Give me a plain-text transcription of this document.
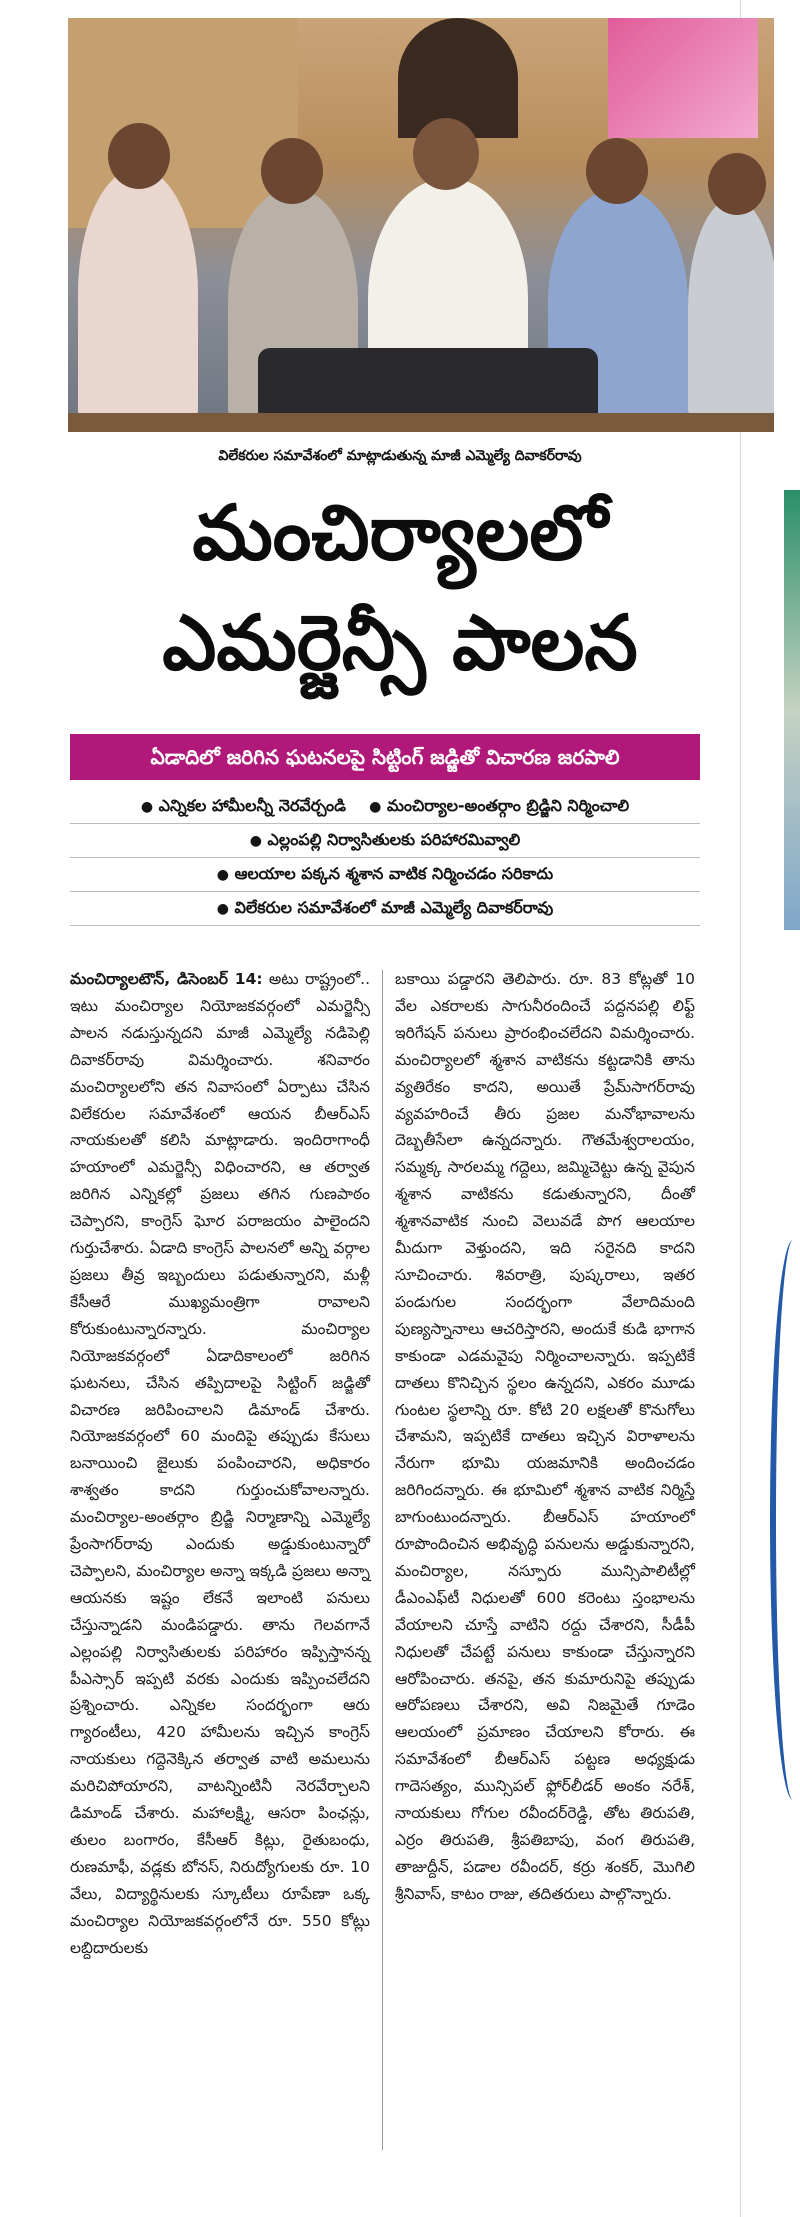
విలేకరుల సమావేశంలో మాట్లాడుతున్న మాజీ ఎమ్మెల్యే దివాకర్‌రావు
మంచిర్యాలలో
ఎమర్జెన్సీ పాలన
ఏడాదిలో జరిగిన ఘటనలపై సిట్టింగ్ జడ్జితో విచారణ జరపాలి
● ఎన్నికల హామీలన్నీ నెరవేర్చండి ● మంచిర్యాల-అంతర్గాం బ్రిడ్జిని నిర్మించాలి
● ఎల్లంపల్లి నిర్వాసితులకు పరిహారమివ్వాలి
● ఆలయాల పక్కన శ్మశాన వాటిక నిర్మించడం సరికాదు
● విలేకరుల సమావేశంలో మాజీ ఎమ్మెల్యే దివాకర్‌రావు
మంచిర్యాలటౌన్, డిసెంబర్ 14: అటు రాష్ట్రంలో.. ఇటు మంచిర్యాల నియోజకవర్గంలో ఎమర్జెన్సీ పాలన నడుస్తున్నదని మాజీ ఎమ్మెల్యే నడిపెల్లి దివాకర్‌రావు విమర్శించారు. శనివారం మంచిర్యాలలోని తన నివాసంలో ఏర్పాటు చేసిన విలేకరుల సమావేశంలో ఆయన బీఆర్ఎస్ నాయకులతో కలిసి మాట్లాడారు. ఇందిరాగాంధీ హయాంలో ఎమర్జెన్సీ విధించారని, ఆ తర్వాత జరిగిన ఎన్నికల్లో ప్రజలు తగిన గుణపాఠం చెప్పారని, కాంగ్రెస్ ఘోర పరాజయం పాలైందని గుర్తుచేశారు. ఏడాది కాంగ్రెస్ పాలనలో అన్ని వర్గాల ప్రజలు తీవ్ర ఇబ్బందులు పడుతున్నారని, మళ్లీ కేసీఆరే ముఖ్యమంత్రిగా రావాలని కోరుకుంటున్నారన్నారు. మంచిర్యాల నియోజకవర్గంలో ఏడాదికాలంలో జరిగిన ఘటనలు, చేసిన తప్పిదాలపై సిట్టింగ్ జడ్జితో విచారణ జరిపించాలని డిమాండ్ చేశారు. నియోజకవర్గంలో 60 మందిపై తప్పుడు కేసులు బనాయించి జైలుకు పంపించారని, అధికారం శాశ్వతం కాదని గుర్తుంచుకోవాలన్నారు. మంచిర్యాల-అంతర్గాం బ్రిడ్జి నిర్మాణాన్ని ఎమ్మెల్యే ప్రేంసాగర్‌రావు ఎందుకు అడ్డుకుంటున్నారో చెప్పాలని, మంచిర్యాల అన్నా ఇక్కడి ప్రజలు అన్నా ఆయనకు ఇష్టం లేకనే ఇలాంటి పనులు చేస్తున్నాడని మండిపడ్డారు. తాను గెలవగానే ఎల్లంపల్లి నిర్వాసితులకు పరిహారం ఇప్పిస్తానన్న పీఎస్సార్ ఇప్పటి వరకు ఎందుకు ఇప్పించలేదని ప్రశ్నించారు. ఎన్నికల సందర్భంగా ఆరు గ్యారంటీలు, 420 హామీలను ఇచ్చిన కాంగ్రెస్ నాయకులు గద్దెనెక్కిన తర్వాత వాటి అమలును మరిచిపోయారని, వాటన్నింటినీ నెరవేర్చాలని డిమాండ్ చేశారు. మహాలక్ష్మి, ఆసరా పింఛన్లు, తులం బంగారం, కేసీఆర్ కిట్లు, రైతుబంధు, రుణమాఫీ, వడ్లకు బోనస్, నిరుద్యోగులకు రూ. 10 వేలు, విద్యార్థినులకు స్కూటీలు రూపేణా ఒక్క మంచిర్యాల నియోజకవర్గంలోనే రూ. 550 కోట్లు లబ్దిదారులకు
బకాయి పడ్డారని తెలిపారు. రూ. 83 కోట్లతో 10 వేల ఎకరాలకు సాగునీరందించే పద్దనపల్లి లిఫ్ట్ ఇరిగేషన్ పనులు ప్రారంభించలేదని విమర్శించారు. మంచిర్యాలలో శ్మశాన వాటికను కట్టడానికి తాను వ్యతిరేకం కాదని, అయితే ప్రేమ్‌సాగర్‌రావు వ్యవహరించే తీరు ప్రజల మనోభావాలను దెబ్బతీసేలా ఉన్నదన్నారు. గౌతమేశ్వరాలయం, సమ్మక్క సారలమ్మ గద్దెలు, జమ్మిచెట్టు ఉన్న వైపున శ్మశాన వాటికను కడుతున్నారని, దీంతో శ్మశానవాటిక నుంచి వెలువడే పొగ ఆలయాల మీదుగా వెళ్తుందని, ఇది సరైనది కాదని సూచించారు. శివరాత్రి, పుష్కరాలు, ఇతర పండుగుల సందర్భంగా వేలాదిమంది పుణ్యస్నానాలు ఆచరిస్తారని, అందుకే కుడి భాగాన కాకుండా ఎడమవైపు నిర్మించాలన్నారు. ఇప్పటికే దాతలు కొనిచ్చిన స్థలం ఉన్నదని, ఎకరం మూడు గుంటల స్థలాన్ని రూ. కోటి 20 లక్షలతో కొనుగోలు చేశామని, ఇప్పటికే దాతలు ఇచ్చిన విరాళాలను నేరుగా భూమి యజమానికి అందించడం జరిగిందన్నారు. ఈ భూమిలో శ్మశాన వాటిక నిర్మిస్తే బాగుంటుందన్నారు. బీఆర్ఎస్ హయాంలో రూపొందించిన అభివృద్ధి పనులను అడ్డుకున్నారని, మంచిర్యాల, నస్పూరు మున్సిపాలిటీల్లో డీఎంఎఫ్‌టీ నిధులతో 600 కరెంటు స్తంభాలను వేయాలని చూస్తే వాటిని రద్దు చేశారని, సీడీపీ నిధులతో చేపట్టే పనులు కాకుండా చేస్తున్నారని ఆరోపించారు. తనపై, తన కుమారునిపై తప్పుడు ఆరోపణలు చేశారని, అవి నిజమైతే గూడెం ఆలయంలో ప్రమాణం చేయాలని కోరారు. ఈ సమావేశంలో బీఆర్ఎస్ పట్టణ అధ్యక్షుడు గాదెసత్యం, మున్సిపల్ ఫ్లోర్‌లీడర్ అంకం నరేశ్, నాయకులు గోగుల రవీందర్‌రెడ్డి, తోట తిరుపతి, ఎర్రం తిరుపతి, శ్రీపతిబాపు, వంగ తిరుపతి, తాజుద్దీన్, పడాల రవీందర్, కర్రు శంకర్, మొగిలి శ్రీనివాస్, కాటం రాజు, తదితరులు పాల్గొన్నారు.
